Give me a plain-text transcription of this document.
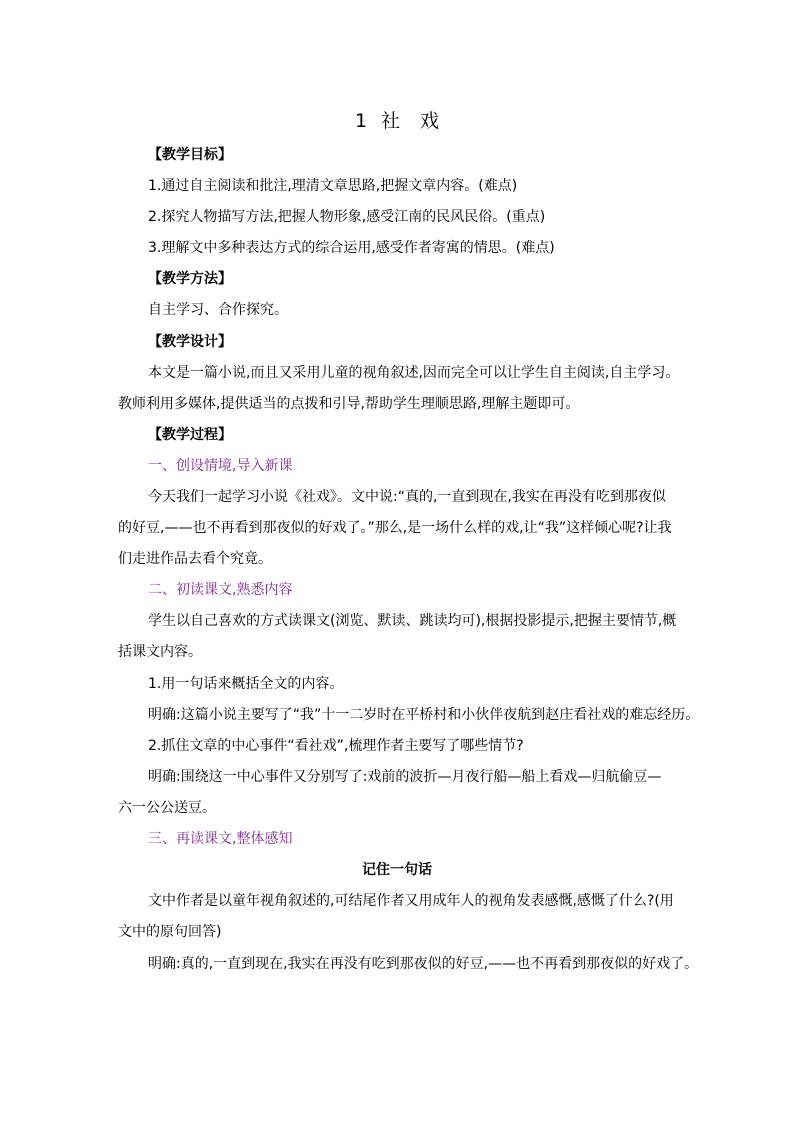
1 社 戏
【教学目标】
1.通过自主阅读和批注,理清文章思路,把握文章内容。(难点)
2.探究人物描写方法,把握人物形象,感受江南的民风民俗。(重点)
3.理解文中多种表达方式的综合运用,感受作者寄寓的情思。(难点)
【教学方法】
自主学习、合作探究。
【教学设计】
本文是一篇小说,而且又采用儿童的视角叙述,因而完全可以让学生自主阅读,自主学习。
教师利用多媒体,提供适当的点拨和引导,帮助学生理顺思路,理解主题即可。
【教学过程】
一、创设情境,导入新课
今天我们一起学习小说《社戏》。文中说:“真的,一直到现在,我实在再没有吃到那夜似
的好豆,——也不再看到那夜似的好戏了。”那么,是一场什么样的戏,让“我”这样倾心呢?让我
们走进作品去看个究竟。
二、初读课文,熟悉内容
学生以自己喜欢的方式读课文(浏览、默读、跳读均可),根据投影提示,把握主要情节,概
括课文内容。
1.用一句话来概括全文的内容。
明确:这篇小说主要写了“我”十一二岁时在平桥村和小伙伴夜航到赵庄看社戏的难忘经历。
2.抓住文章的中心事件“看社戏”,梳理作者主要写了哪些情节?
明确:围绕这一中心事件又分别写了:戏前的波折—月夜行船—船上看戏—归航偷豆—
六一公公送豆。
三、再读课文,整体感知
记住一句话
文中作者是以童年视角叙述的,可结尾作者又用成年人的视角发表感慨,感慨了什么?(用
文中的原句回答)
明确:真的,一直到现在,我实在再没有吃到那夜似的好豆,——也不再看到那夜似的好戏了。
